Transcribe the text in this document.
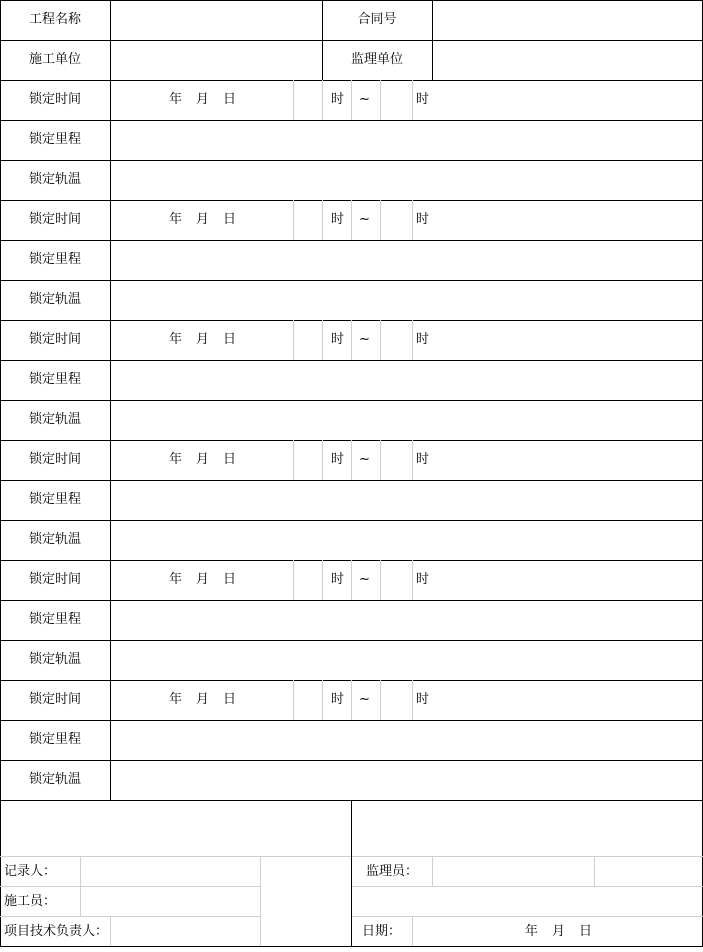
工程名称	合同号
施工单位	监理单位
锁定时间	年 月 日	时 ~	时
锁定里程
锁定轨温
锁定时间	年 月 日	时 ~	时
锁定里程
锁定轨温
锁定时间	年 月 日	时 ~	时
锁定里程
锁定轨温
锁定时间	年 月 日	时 ~	时
锁定里程
锁定轨温
锁定时间	年 月 日	时 ~	时
锁定里程
锁定轨温
锁定时间	年 月 日	时 ~	时
锁定里程
锁定轨温
记录人：
施工员：
项目技术负责人：
监理员：
日期：	年 月 日
